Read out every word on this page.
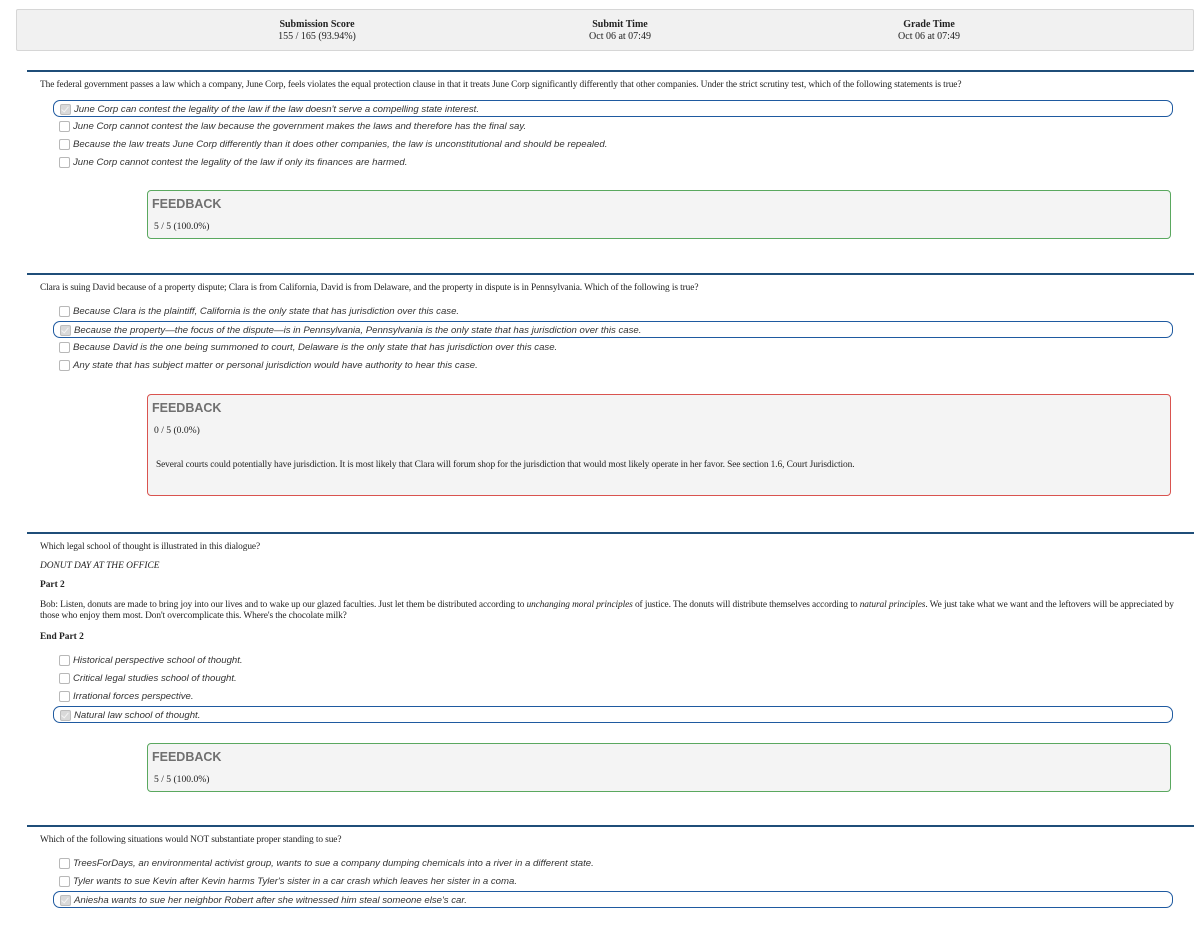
Submission Score
155 / 165 (93.94%)
Submit Time
Oct 06 at 07:49
Grade Time
Oct 06 at 07:49
The federal government passes a law which a company, June Corp, feels violates the equal protection clause in that it treats June Corp significantly differently that other companies. Under the strict scrutiny test, which of the following statements is true?
June Corp can contest the legality of the law if the law doesn't serve a compelling state interest.
June Corp cannot contest the law because the government makes the laws and therefore has the final say.
Because the law treats June Corp differently than it does other companies, the law is unconstitutional and should be repealed.
June Corp cannot contest the legality of the law if only its finances are harmed.
FEEDBACK
5 / 5 (100.0%)
Clara is suing David because of a property dispute; Clara is from California, David is from Delaware, and the property in dispute is in Pennsylvania. Which of the following is true?
Because Clara is the plaintiff, California is the only state that has jurisdiction over this case.
Because the property—the focus of the dispute—is in Pennsylvania, Pennsylvania is the only state that has jurisdiction over this case.
Because David is the one being summoned to court, Delaware is the only state that has jurisdiction over this case.
Any state that has subject matter or personal jurisdiction would have authority to hear this case.
FEEDBACK
0 / 5 (0.0%)
Several courts could potentially have jurisdiction. It is most likely that Clara will forum shop for the jurisdiction that would most likely operate in her favor. See section 1.6, Court Jurisdiction.
Which legal school of thought is illustrated in this dialogue?
DONUT DAY AT THE OFFICE
Part 2
Bob: Listen, donuts are made to bring joy into our lives and to wake up our glazed faculties. Just let them be distributed according to unchanging moral principles of justice. The donuts will distribute themselves according to natural principles. We just take what we want and the leftovers will be appreciated by those who enjoy them most. Don't overcomplicate this. Where's the chocolate milk?
End Part 2
Historical perspective school of thought.
Critical legal studies school of thought.
Irrational forces perspective.
Natural law school of thought.
FEEDBACK
5 / 5 (100.0%)
Which of the following situations would NOT substantiate proper standing to sue?
TreesForDays, an environmental activist group, wants to sue a company dumping chemicals into a river in a different state.
Tyler wants to sue Kevin after Kevin harms Tyler's sister in a car crash which leaves her sister in a coma.
Aniesha wants to sue her neighbor Robert after she witnessed him steal someone else's car.
